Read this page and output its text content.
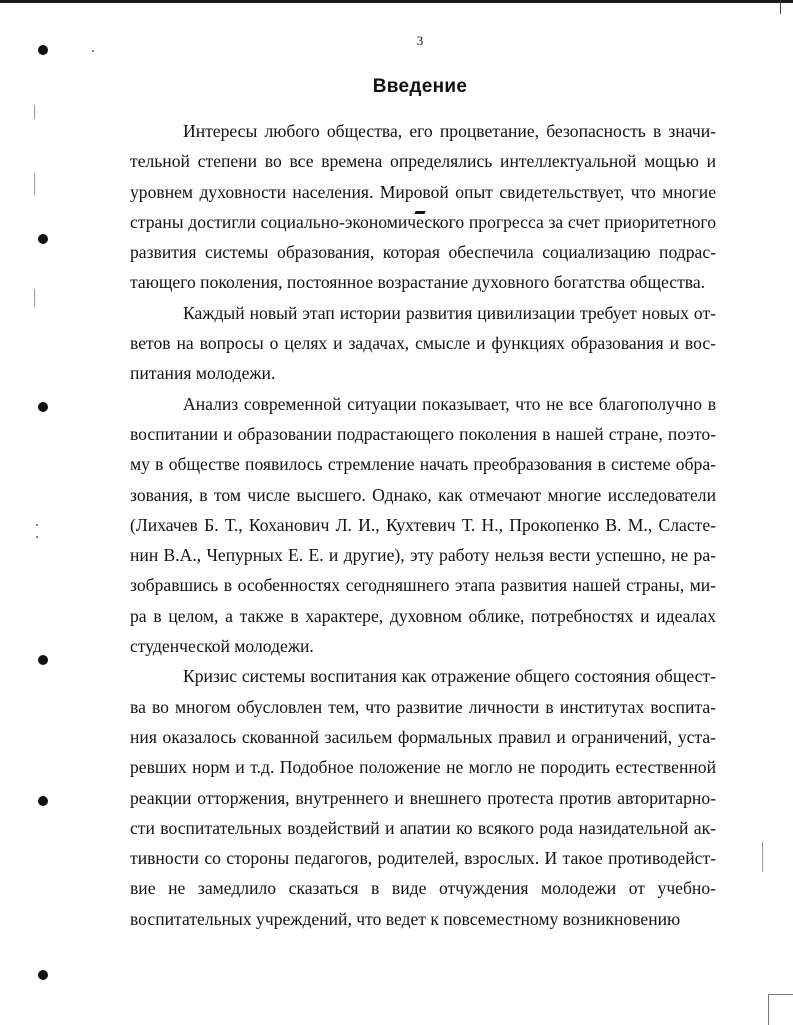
3
Введение
Интересы любого общества, его процветание, безопасность в значи-
тельной степени во все времена определялись интеллектуальной мощью и
уровнем духовности населения. Мировой опыт свидетельствует, что многие
страны достигли социально-экономического прогресса за счет приоритетного
развития системы образования, которая обеспечила социализацию подрас-
тающего поколения, постоянное возрастание духовного богатства общества.
Каждый новый этап истории развития цивилизации требует новых от-
ветов на вопросы о целях и задачах, смысле и функциях образования и вос-
питания молодежи.
Анализ современной ситуации показывает, что не все благополучно в
воспитании и образовании подрастающего поколения в нашей стране, поэто-
му в обществе появилось стремление начать преобразования в системе обра-
зования, в том числе высшего. Однако, как отмечают многие исследователи
(Лихачев Б. Т., Коханович Л. И., Кухтевич Т. Н., Прокопенко В. М., Сластe-
нин В.А., Чепурных Е. Е. и другие), эту работу нельзя вести успешно, не ра-
зобравшись в особенностях сегодняшнего этапа развития нашей страны, ми-
ра в целом, а также в характере, духовном облике, потребностях и идеалах
студенческой молодежи.
Кризис системы воспитания как отражение общего состояния общест-
ва во многом обусловлен тем, что развитие личности в институтах воспита-
ния оказалось скованной засильем формальных правил и ограничений, уста-
ревших норм и т.д. Подобное положение не могло не породить естественной
реакции отторжения, внутреннего и внешнего протеста против авторитарно-
сти воспитательных воздействий и апатии ко всякого рода назидательной ак-
тивности со стороны педагогов, родителей, взрослых. И такое противодейст-
вие не замедлило сказаться в виде отчуждения молодежи от учебно-
воспитательных учреждений, что ведет к повсеместному возникновению
